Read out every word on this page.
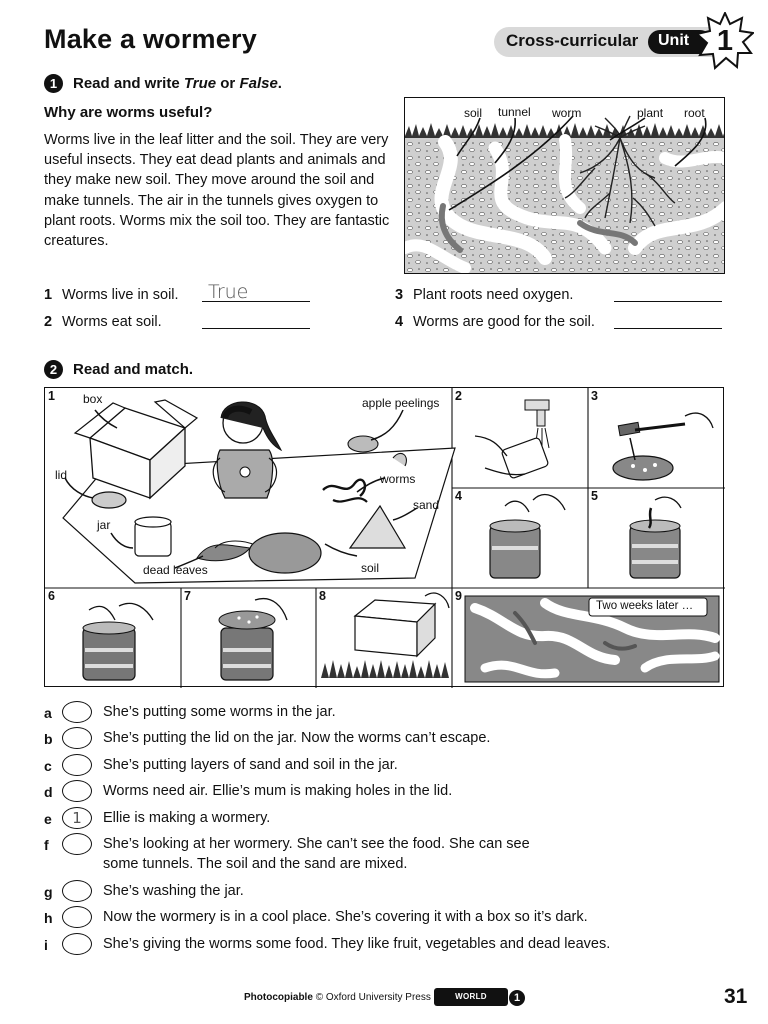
Make a wormery	Cross-curricular	Unit 1
1	Read and write True or False.
Why are worms useful?
Worms live in the leaf litter and the soil. They are very useful insects. They eat dead plants and animals and they make new soil. They move around the soil and make tunnels. The air in the tunnels gives oxygen to plant roots. Worms mix the soil too. They are fantastic creatures.
soil tunnel worm	plant root
1 Worms live in soil. True
2 Worms eat soil.
3 Plant roots need oxygen.
4 Worms are good for the soil.
2	Read and match.
1	2	3
4	5
6	7	8	9
box
lid
jar
dead leaves
apple peelings
worms
sand
soil
Two weeks later …
a	She’s putting some worms in the jar.
b	She’s putting the lid on the jar. Now the worms can’t escape.
c	She’s putting layers of sand and soil in the jar.
d	Worms need air. Ellie’s mum is making holes in the lid.
e	1	Ellie is making a wormery.
f	She’s looking at her wormery. She can’t see the food. She can see
some tunnels. The soil and the sand are mixed.
g	She’s washing the jar.
h	Now the wormery is in a cool place. She’s covering it with a box so it’s dark.
i	She’s giving the worms some food. They like fruit, vegetables and dead leaves.
Photocopiable © Oxford University Press	WORLD EXPLORERS
1	31
